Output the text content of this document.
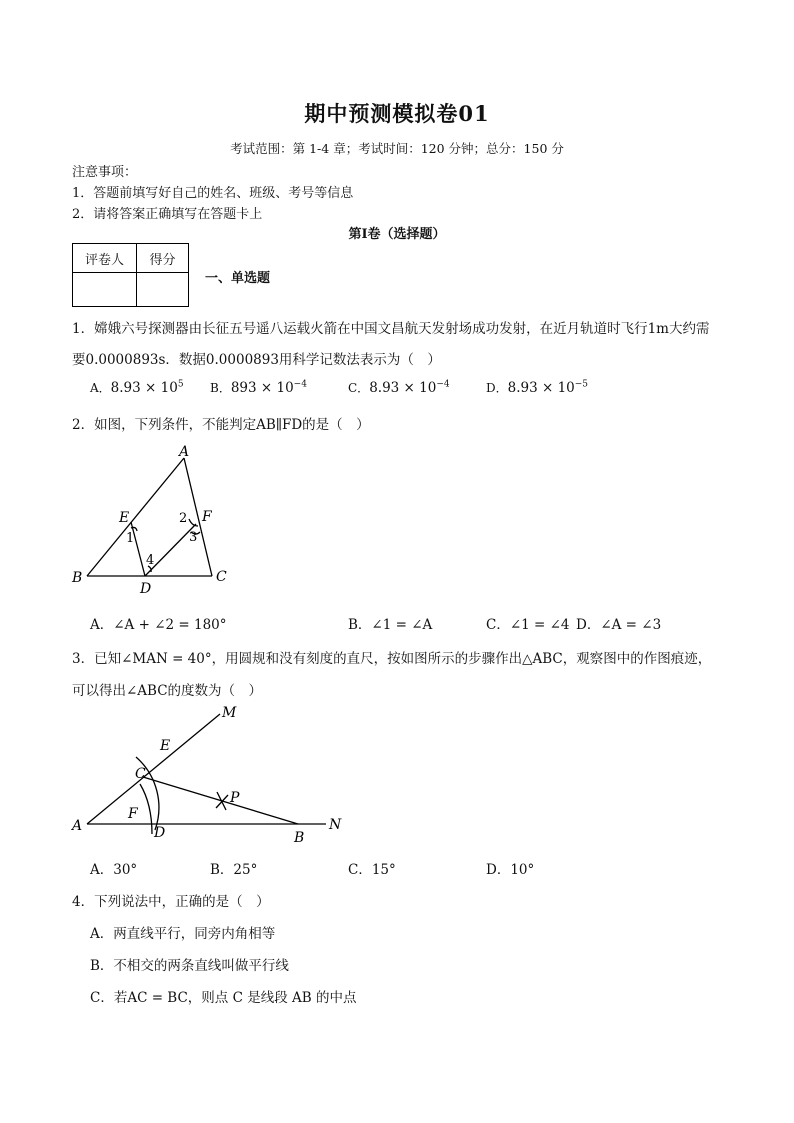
期中预测模拟卷01
考试范围：第 1-4 章；考试时间：120 分钟；总分：150 分
注意事项：
1．答题前填写好自己的姓名、班级、考号等信息
2．请将答案正确填写在答题卡上
第Ⅰ卷（选择题）
评卷人	得分

一、单选题
1．嫦娥六号探测器由长征五号遥八运载火箭在中国文昌航天发射场成功发射，在近月轨道时飞行1m大约需
要0.0000893s．数据0.0000893用科学记数法表示为（　）
A．$8.93 \times 10^5$ B．$893 \times 10^{-4}$	C．$8.93 \times 10^{-4}$	D．$8.93 \times 10^{-5}$
2．如图，下列条件，不能判定AB∥FD的是（　）
A
B	C
D
E	F
1
2
3
4
A．∠A + ∠2 = 180°	B．∠1 = ∠A	C．∠1 = ∠4 D．∠A = ∠3
3．已知∠MAN = 40°，用圆规和没有刻度的直尺，按如图所示的步骤作出△ABC，观察图中的作图痕迹，
可以得出∠ABC的度数为（　）
M
E
C
P
A
F
D	B
N
A．30°	B．25°	C．15°	D．10°
4．下列说法中，正确的是（　）
A．两直线平行，同旁内角相等
B．不相交的两条直线叫做平行线
C．若AC = BC，则点 C 是线段 AB 的中点
